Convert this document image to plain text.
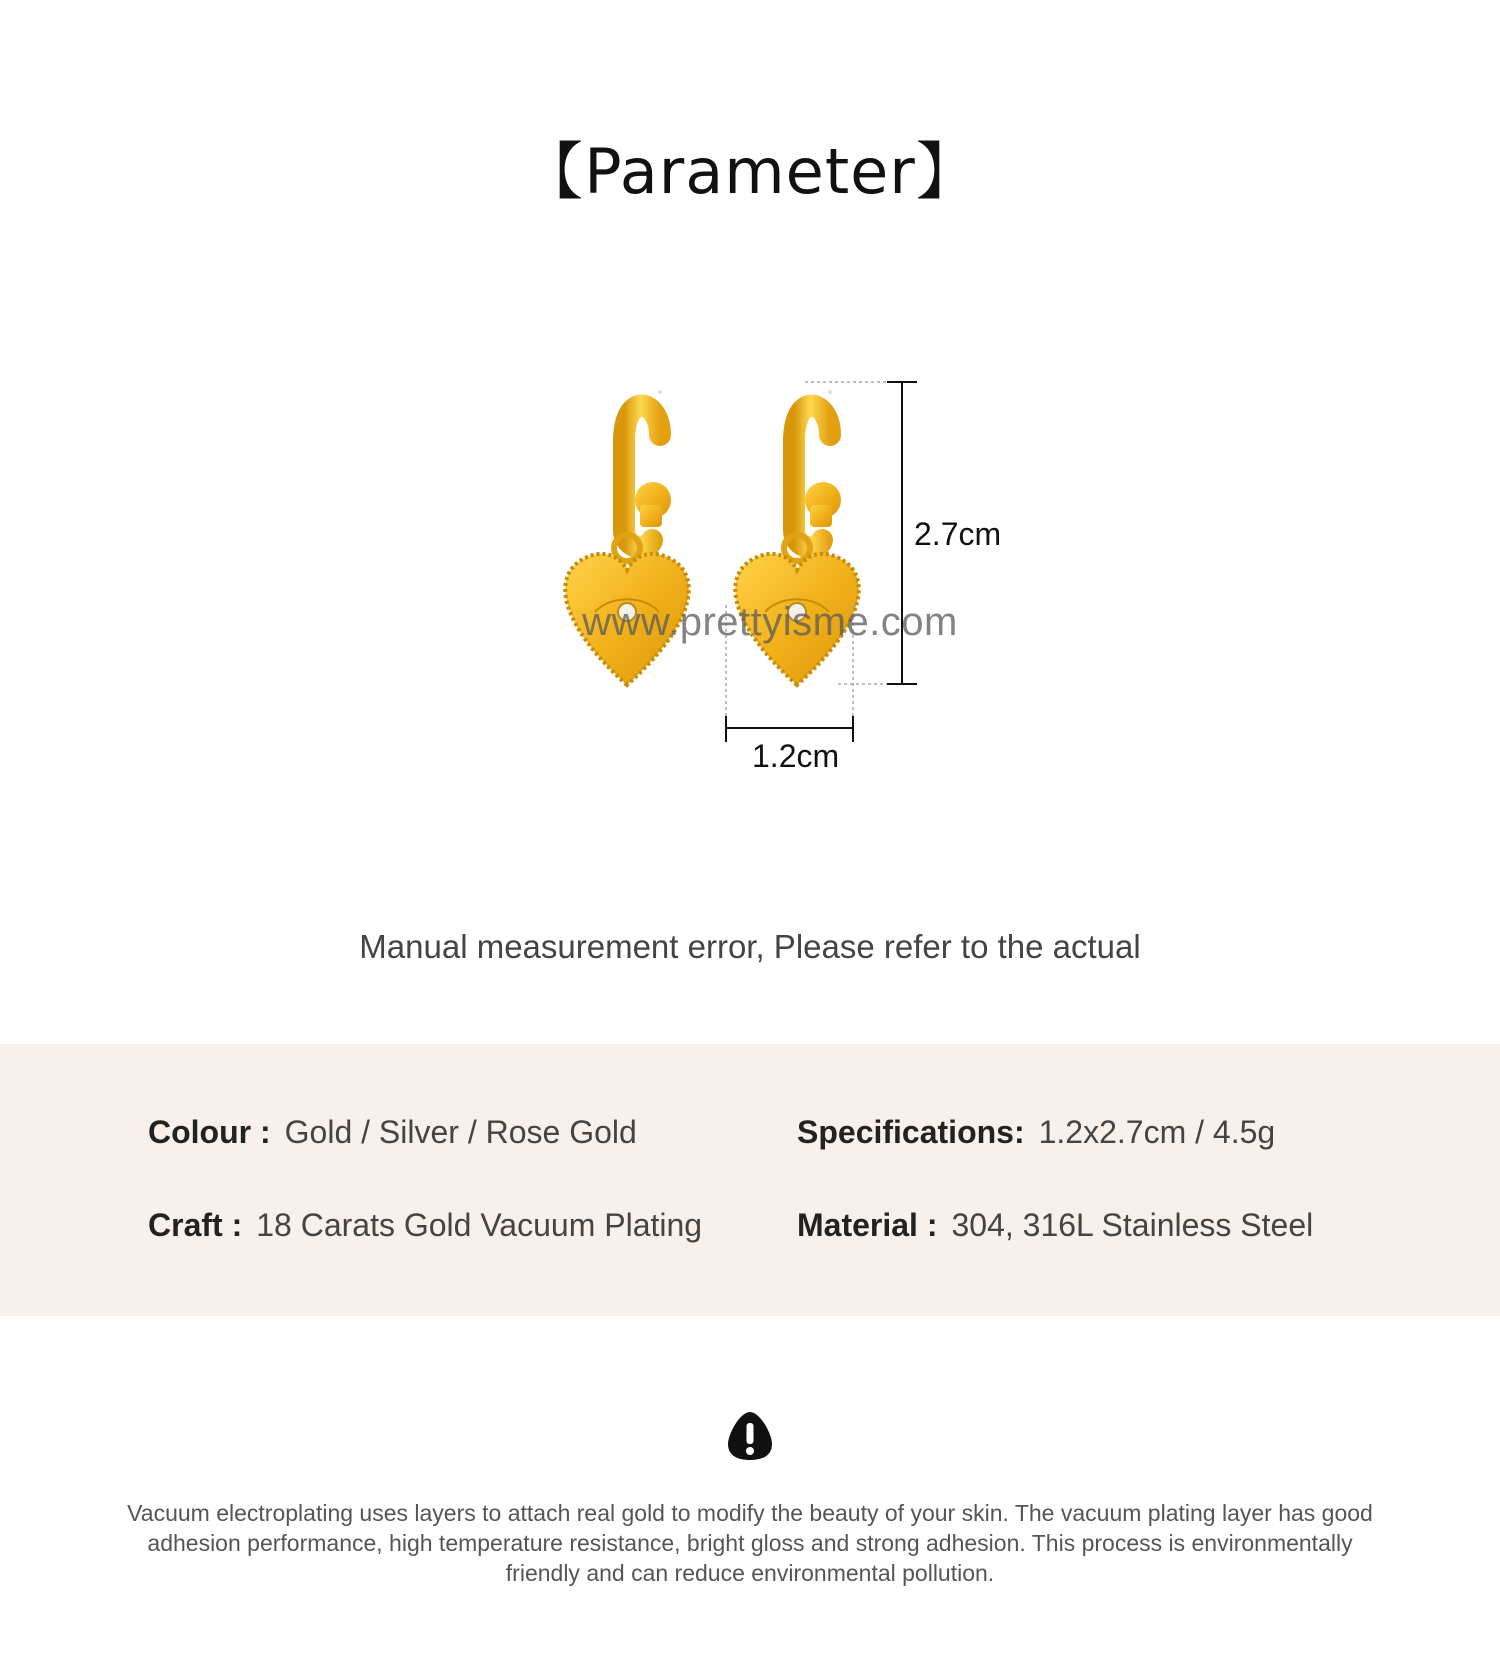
【Parameter】
www.prettyisme.com
2.7cm
1.2cm
Manual measurement error, Please refer to the actual
Colour : Gold / Silver / Rose Gold	Specifications: 1.2x2.7cm / 4.5g
Craft : 18 Carats Gold Vacuum Plating	Material : 304, 316L Stainless Steel
Vacuum electroplating uses layers to attach real gold to modify the beauty of your skin. The vacuum plating layer has good adhesion performance, high temperature resistance, bright gloss and strong adhesion. This process is environmentally friendly and can reduce environmental pollution.
